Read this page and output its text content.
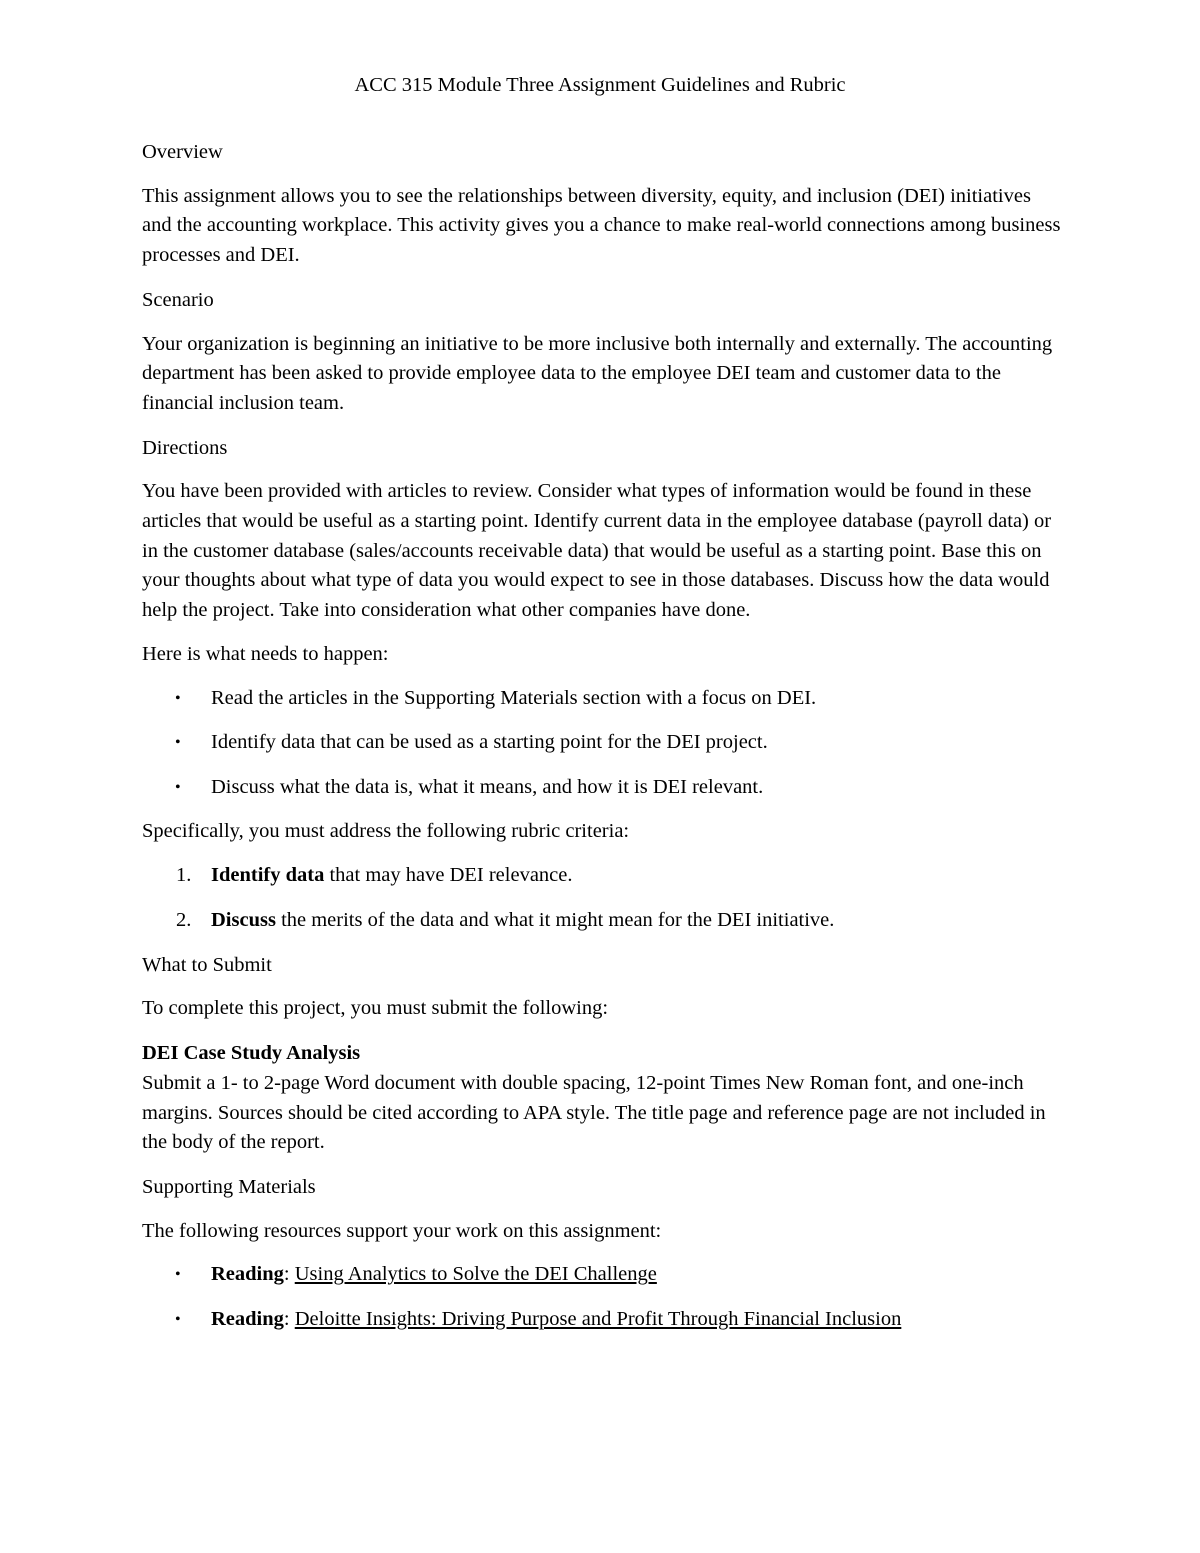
ACC 315 Module Three Assignment Guidelines and Rubric

Overview

This assignment allows you to see the relationships between diversity, equity, and inclusion (DEI) initiatives and the accounting workplace. This activity gives you a chance to make real-world connections among business processes and DEI.

Scenario

Your organization is beginning an initiative to be more inclusive both internally and externally. The accounting department has been asked to provide employee data to the employee DEI team and customer data to the financial inclusion team.

Directions

You have been provided with articles to review. Consider what types of information would be found in these articles that would be useful as a starting point. Identify current data in the employee database (payroll data) or in the customer database (sales/accounts receivable data) that would be useful as a starting point. Base this on your thoughts about what type of data you would expect to see in those databases. Discuss how the data would help the project. Take into consideration what other companies have done.

Here is what needs to happen:

• Read the articles in the Supporting Materials section with a focus on DEI.
• Identify data that can be used as a starting point for the DEI project.
• Discuss what the data is, what it means, and how it is DEI relevant.

Specifically, you must address the following rubric criteria:

1. Identify data that may have DEI relevance.
2. Discuss the merits of the data and what it might mean for the DEI initiative.

What to Submit

To complete this project, you must submit the following:

DEI Case Study Analysis

Submit a 1- to 2-page Word document with double spacing, 12-point Times New Roman font, and one-inch margins. Sources should be cited according to APA style. The title page and reference page are not included in the body of the report.

Supporting Materials

The following resources support your work on this assignment:

• Reading: Using Analytics to Solve the DEI Challenge
• Reading: Deloitte Insights: Driving Purpose and Profit Through Financial Inclusion
